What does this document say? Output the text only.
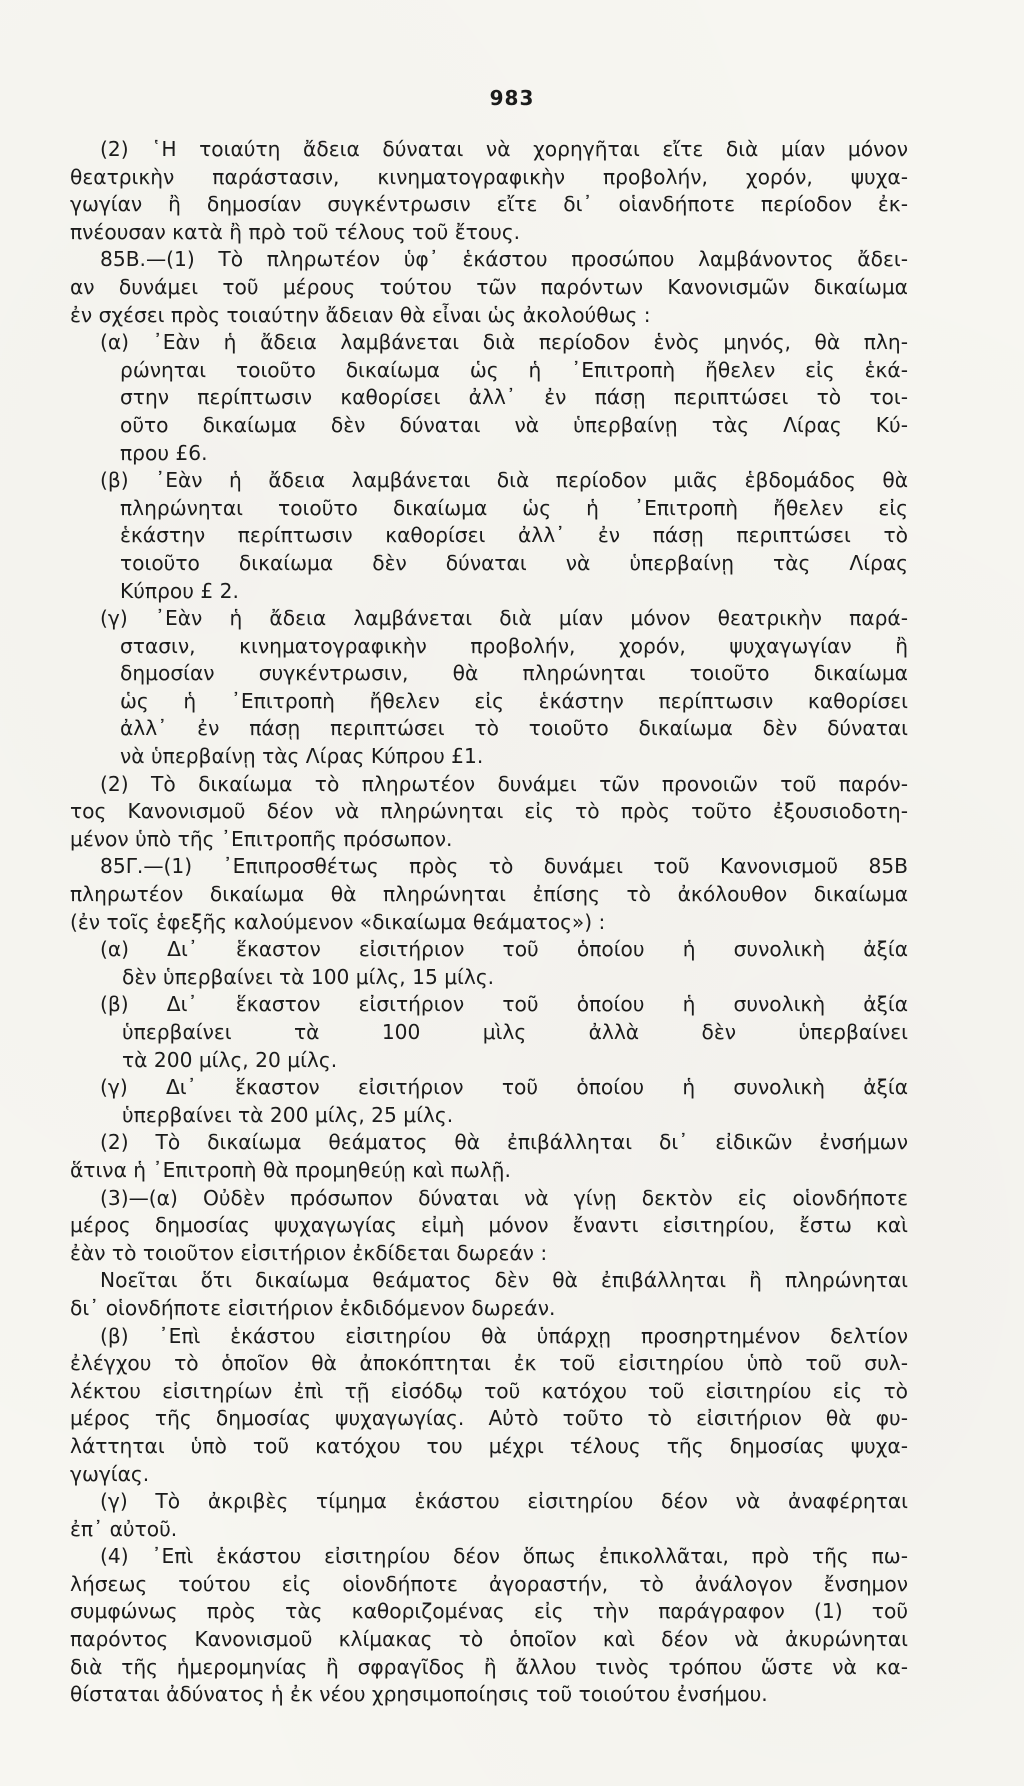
983
(2) ῾Η τοιαύτη ἄδεια δύναται νὰ χορηγῆται εἴτε διὰ μίαν μόνον
θεατρικὴν παράστασιν, κινηματογραφικὴν προβολήν, χορόν, ψυχα-
γωγίαν ἢ δημοσίαν συγκέντρωσιν εἴτε δι᾿ οἱανδήποτε περίοδον ἐκ-
πνέουσαν κατὰ ἢ πρὸ τοῦ τέλους τοῦ ἔτους.
85Β.—(1) Τὸ πληρωτέον ὑφ᾿ ἑκάστου προσώπου λαμβάνοντος ἄδει-
αν δυνάμει τοῦ μέρους τούτου τῶν παρόντων Κανονισμῶν δικαίωμα
ἐν σχέσει πρὸς τοιαύτην ἄδειαν θὰ εἶναι ὡς ἀκολούθως :
(α) ᾿Εὰν ἡ ἄδεια λαμβάνεται διὰ περίοδον ἑνὸς μηνός, θὰ πλη-
ρώνηται τοιοῦτο δικαίωμα ὡς ἡ ᾿Επιτροπὴ ἤθελεν εἰς ἑκά-
στην περίπτωσιν καθορίσει ἀλλ᾿ ἐν πάσῃ περιπτώσει τὸ τοι-
οῦτο δικαίωμα δὲν δύναται νὰ ὑπερβαίνῃ τὰς Λίρας Κύ-
πρου £6.
(β) ᾿Εὰν ἡ ἄδεια λαμβάνεται διὰ περίοδον μιᾶς ἑβδομάδος θὰ
πληρώνηται τοιοῦτο δικαίωμα ὡς ἡ ᾿Επιτροπὴ ἤθελεν εἰς
ἑκάστην περίπτωσιν καθορίσει ἀλλ᾿ ἐν πάσῃ περιπτώσει τὸ
τοιοῦτο δικαίωμα δὲν δύναται νὰ ὑπερβαίνῃ τὰς Λίρας
Κύπρου £ 2.
(γ) ᾿Εὰν ἡ ἄδεια λαμβάνεται διὰ μίαν μόνον θεατρικὴν παρά-
στασιν, κινηματογραφικὴν προβολήν, χορόν, ψυχαγωγίαν ἢ
δημοσίαν συγκέντρωσιν, θὰ πληρώνηται τοιοῦτο δικαίωμα
ὡς ἡ ᾿Επιτροπὴ ἤθελεν εἰς ἑκάστην περίπτωσιν καθορίσει
ἀλλ᾿ ἐν πάσῃ περιπτώσει τὸ τοιοῦτο δικαίωμα δὲν δύναται
νὰ ὑπερβαίνῃ τὰς Λίρας Κύπρου £1.
(2) Τὸ δικαίωμα τὸ πληρωτέον δυνάμει τῶν προνοιῶν τοῦ παρόν-
τος Κανονισμοῦ δέον νὰ πληρώνηται εἰς τὸ πρὸς τοῦτο ἐξουσιοδοτη-
μένον ὑπὸ τῆς ᾿Επιτροπῆς πρόσωπον.
85Γ.—(1) ᾿Επιπροσθέτως πρὸς τὸ δυνάμει τοῦ Κανονισμοῦ 85Β
πληρωτέον δικαίωμα θὰ πληρώνηται ἐπίσης τὸ ἀκόλουθον δικαίωμα
(ἐν τοῖς ἑφεξῆς καλούμενον «δικαίωμα θεάματος») :
(α) Δι᾿ ἕκαστον εἰσιτήριον τοῦ ὁποίου ἡ συνολικὴ ἀξία
δὲν ὑπερβαίνει τὰ 100 μίλς, 15 μίλς.
(β) Δι᾿ ἕκαστον εἰσιτήριον τοῦ ὁποίου ἡ συνολικὴ ἀξία
ὑπερβαίνει τὰ 100 μὶλς ἀλλὰ δὲν ὑπερβαίνει
τὰ 200 μίλς, 20 μίλς.
(γ) Δι᾿ ἕκαστον εἰσιτήριον τοῦ ὁποίου ἡ συνολικὴ ἀξία
ὑπερβαίνει τὰ 200 μίλς, 25 μίλς.
(2) Τὸ δικαίωμα θεάματος θὰ ἐπιβάλληται δι᾿ εἰδικῶν ἐνσήμων
ἅτινα ἡ ᾿Επιτροπὴ θὰ προμηθεύῃ καὶ πωλῇ.
(3)—(α) Οὐδὲν πρόσωπον δύναται νὰ γίνῃ δεκτὸν εἰς οἱονδήποτε
μέρος δημοσίας ψυχαγωγίας εἰμὴ μόνον ἔναντι εἰσιτηρίου, ἔστω καὶ
ἐὰν τὸ τοιοῦτον εἰσιτήριον ἐκδίδεται δωρεάν :
Νοεῖται ὅτι δικαίωμα θεάματος δὲν θὰ ἐπιβάλληται ἢ πληρώνηται
δι᾿ οἱονδήποτε εἰσιτήριον ἐκδιδόμενον δωρεάν.
(β) ᾿Επὶ ἑκάστου εἰσιτηρίου θὰ ὑπάρχῃ προσηρτημένον δελτίον
ἐλέγχου τὸ ὁποῖον θὰ ἀποκόπτηται ἐκ τοῦ εἰσιτηρίου ὑπὸ τοῦ συλ-
λέκτου εἰσιτηρίων ἐπὶ τῇ εἰσόδῳ τοῦ κατόχου τοῦ εἰσιτηρίου εἰς τὸ
μέρος τῆς δημοσίας ψυχαγωγίας. Αὐτὸ τοῦτο τὸ εἰσιτήριον θὰ φυ-
λάττηται ὑπὸ τοῦ κατόχου του μέχρι τέλους τῆς δημοσίας ψυχα-
γωγίας.
(γ) Τὸ ἀκριβὲς τίμημα ἑκάστου εἰσιτηρίου δέον νὰ ἀναφέρηται
ἐπ᾿ αὐτοῦ.
(4) ᾿Επὶ ἑκάστου εἰσιτηρίου δέον ὅπως ἐπικολλᾶται, πρὸ τῆς πω-
λήσεως τούτου εἰς οἱονδήποτε ἀγοραστήν, τὸ ἀνάλογον ἔνσημον
συμφώνως πρὸς τὰς καθοριζομένας εἰς τὴν παράγραφον (1) τοῦ
παρόντος Κανονισμοῦ κλίμακας τὸ ὁποῖον καὶ δέον νὰ ἀκυρώνηται
διὰ τῆς ἡμερομηνίας ἢ σφραγῖδος ἢ ἄλλου τινὸς τρόπου ὥστε νὰ κα-
θίσταται ἀδύνατος ἡ ἐκ νέου χρησιμοποίησις τοῦ τοιούτου ἐνσήμου.
